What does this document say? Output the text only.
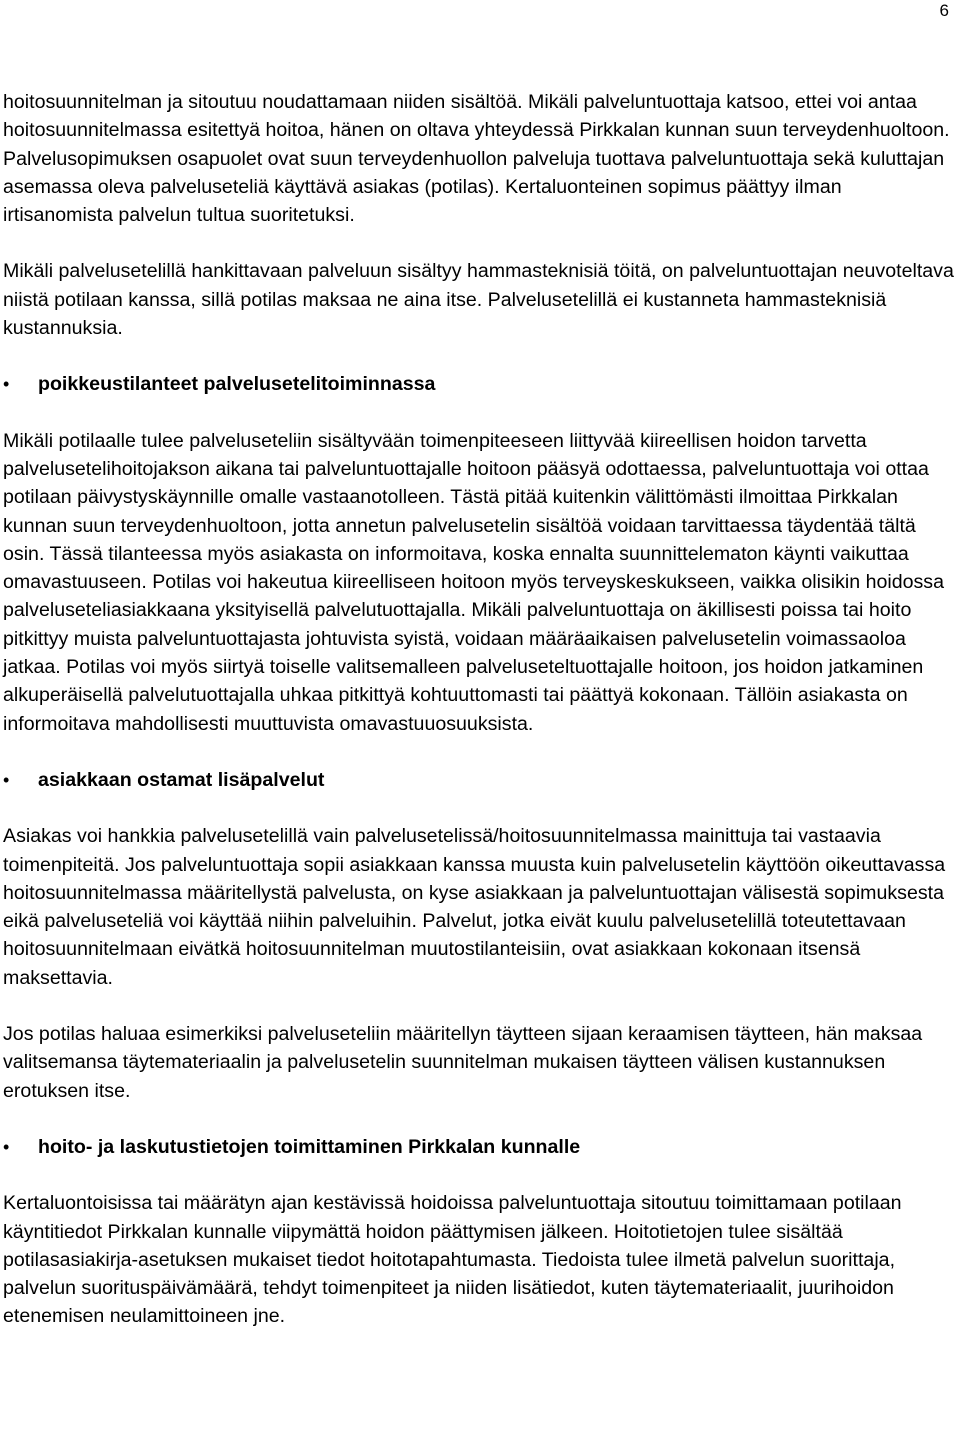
6

hoitosuunnitelman ja sitoutuu noudattamaan niiden sisältöä. Mikäli palveluntuottaja katsoo, ettei voi antaa hoitosuunnitelmassa esitettyä hoitoa, hänen on oltava yhteydessä Pirkkalan kunnan suun terveydenhuoltoon. Palvelusopimuksen osapuolet ovat suun terveydenhuollon palveluja tuottava palveluntuottaja sekä kuluttajan asemassa oleva palveluseteliä käyttävä asiakas (potilas). Kertaluonteinen sopimus päättyy ilman irtisanomista palvelun tultua suoritetuksi.

Mikäli palvelusetelillä hankittavaan palveluun sisältyy hammasteknisiä töitä, on palveluntuottajan neuvoteltava niistä potilaan kanssa, sillä potilas maksaa ne aina itse. Palvelusetelillä ei kustanneta hammasteknisiä kustannuksia.

•	poikkeustilanteet palvelusetelitoiminnassa

Mikäli potilaalle tulee palveluseteliin sisältyvään toimenpiteeseen liittyvää kiireellisen hoidon tarvetta palvelusetelihoitojakson aikana tai palveluntuottajalle hoitoon pääsyä odottaessa, palveluntuottaja voi ottaa potilaan päivystyskäynnille omalle vastaanotolleen. Tästä pitää kuitenkin välittömästi ilmoittaa Pirkkalan kunnan suun terveydenhuoltoon, jotta annetun palvelusetelin sisältöä voidaan tarvittaessa täydentää tältä osin. Tässä tilanteessa myös asiakasta on informoitava, koska ennalta suunnittelematon käynti vaikuttaa omavastuuseen. Potilas voi hakeutua kiireelliseen hoitoon myös terveyskeskukseen, vaikka olisikin hoidossa palveluseteliasiakkaana yksityisellä palvelutuottajalla. Mikäli palveluntuottaja on äkillisesti poissa tai hoito pitkittyy muista palveluntuottajasta johtuvista syistä, voidaan määräaikaisen palvelusetelin voimassaoloa jatkaa. Potilas voi myös siirtyä toiselle valitsemalleen palveluseteltuottajalle hoitoon, jos hoidon jatkaminen alkuperäisellä palvelutuottajalla uhkaa pitkittyä kohtuuttomasti tai päättyä kokonaan. Tällöin asiakasta on informoitava mahdollisesti muuttuvista omavastuuosuuksista.

•	asiakkaan ostamat lisäpalvelut

Asiakas voi hankkia palvelusetelillä vain palvelusetelissä/hoitosuunnitelmassa mainittuja tai vastaavia toimenpiteitä. Jos palveluntuottaja sopii asiakkaan kanssa muusta kuin palvelusetelin käyttöön oikeuttavassa hoitosuunnitelmassa määritellystä palvelusta, on kyse asiakkaan ja palveluntuottajan välisestä sopimuksesta eikä palveluseteliä voi käyttää niihin palveluihin. Palvelut, jotka eivät kuulu palvelusetelillä toteutettavaan hoitosuunnitelmaan eivätkä hoitosuunnitelman muutostilanteisiin, ovat asiakkaan kokonaan itsensä maksettavia.

Jos potilas haluaa esimerkiksi palveluseteliin määritellyn täytteen sijaan keraamisen täytteen, hän maksaa valitsemansa täytemateriaalin ja palvelusetelin suunnitelman mukaisen täytteen välisen kustannuksen erotuksen itse.

•	hoito- ja laskutustietojen toimittaminen Pirkkalan kunnalle

Kertaluontoisissa tai määrätyn ajan kestävissä hoidoissa palveluntuottaja sitoutuu toimittamaan potilaan käyntitiedot Pirkkalan kunnalle viipymättä hoidon päättymisen jälkeen. Hoitotietojen tulee sisältää potilasasiakirja-asetuksen mukaiset tiedot hoitotapahtumasta. Tiedoista tulee ilmetä palvelun suorittaja, palvelun suorituspäivämäärä, tehdyt toimenpiteet ja niiden lisätiedot, kuten täytemateriaalit, juurihoidon etenemisen neulamittoineen jne.
